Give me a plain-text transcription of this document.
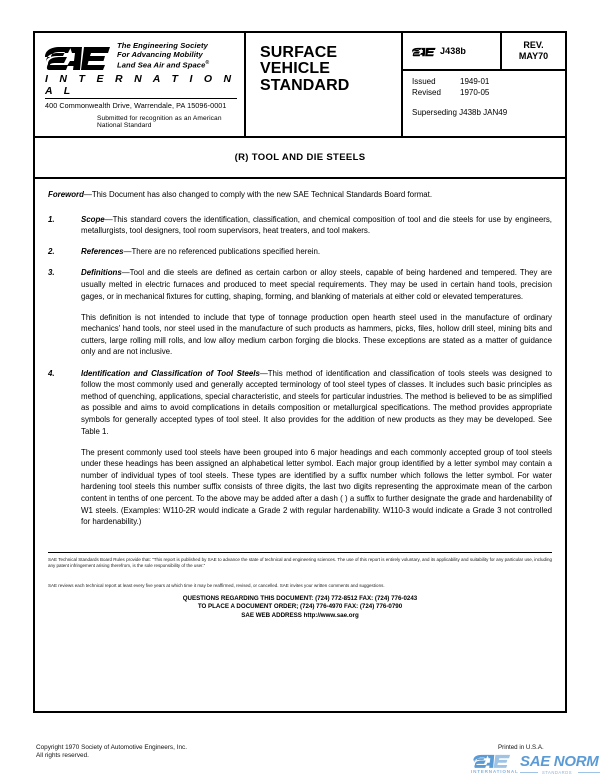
The Engineering Society
For Advancing Mobility
Land Sea Air and Space®
I N T E R N A T I O N A L
400 Commonwealth Drive, Warrendale, PA 15096-0001
Submitted for recognition as an American National Standard
SURFACE
VEHICLE
STANDARD
J438b
REV.
MAY70
Issued	1949-01
Revised	1970-05
Superseding J438b JAN49
(R) TOOL AND DIE STEELS

Foreword—This Document has also changed to comply with the new SAE Technical Standards Board format.

1.	Scope—This standard covers the identification, classification, and chemical composition of tool and die steels for use by engineers, metallurgists, tool designers, tool room supervisors, heat treaters, and tool makers.
2.	References—There are no referenced publications specified herein.
3.	Definitions—Tool and die steels are defined as certain carbon or alloy steels, capable of being hardened and tempered. They are usually melted in electric furnaces and produced to meet special requirements. They may be used in certain hand tools, precision gages, or in mechanical fixtures for cutting, shaping, forming, and blanking of materials at either cold or elevated temperatures.

This definition is not intended to include that type of tonnage production open hearth steel used in the manufacture of ordinary mechanics' hand tools, nor steel used in the manufacture of such products as hammers, picks, files, hollow drill steel, mining bits and cutters, large rolling mill rolls, and low alloy medium carbon forging die blocks. These exceptions are stated as a matter of guidance only and are not inclusive.

4.	Identification and Classification of Tool Steels—This method of identification and classification of tools steels was designed to follow the most commonly used and generally accepted terminology of tool steel types of classes. It includes such basic principles as method of quenching, applications, special characteristic, and steels for particular industries. The method is believed to be as simplified as possible and aims to avoid complications in details composition or metallurgical specifications. The method provides appropriate symbols for generally accepted types of tool steel. It also provides for the addition of new products as they may be developed. See Table 1.

The present commonly used tool steels have been grouped into 6 major headings and each commonly accepted group of tool steels under these headings has been assigned an alphabetical letter symbol. Each major group identified by a letter symbol may contain a number of individual types of tool steels. These types are identified by a suffix number which follows the letter symbol. For water hardening tool steels this number suffix consists of three digits, the last two digits representing the approximate mean of the carbon content in tenths of one percent. To the above may be added after a dash ( ) a suffix to further designate the grade and hardenability of W1 steels. (Examples: W110-2R would indicate a Grade 2 with regular hardenability. W110-3 would indicate a Grade 3 not controlled for hardenability.)

SAE Technical Standards Board Rules provide that: "This report is published by SAE to advance the state of technical and engineering sciences. The use of this report is entirely voluntary, and its applicability and suitability for any particular use, including any patent infringement arising therefrom, is the sole responsibility of the user."
SAE reviews each technical report at least every five years at which time it may be reaffirmed, revised, or cancelled. SAE invites your written comments and suggestions.
QUESTIONS REGARDING THIS DOCUMENT: (724) 772-8512 FAX: (724) 776-0243
TO PLACE A DOCUMENT ORDER; (724) 776-4970 FAX: (724) 776-0790
SAE WEB ADDRESS http://www.sae.org
Copyright 1970 Society of Automotive Engineers, Inc.
All rights reserved.
Printed in U.S.A.
INTERNATIONAL
SAE NORM
STANDARDS
